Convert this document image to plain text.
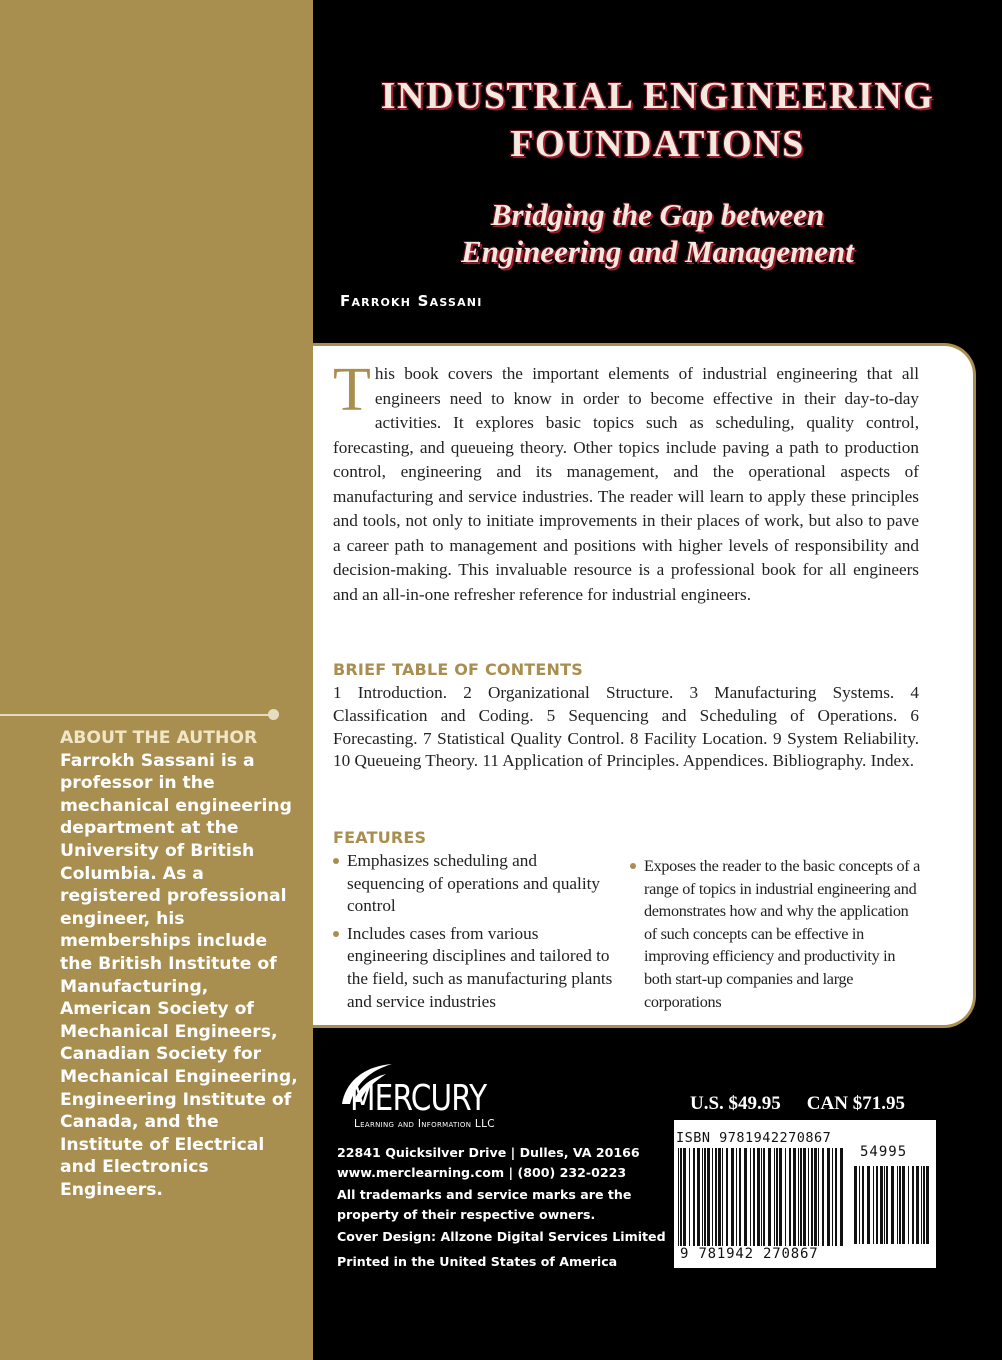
ABOUT THE AUTHOR

Farrokh Sassani is a professor in the mechanical engineering department at the University of British Columbia. As a registered professional engineer, his memberships include the British Institute of Manufacturing, American Society of Mechanical Engineers, Canadian Society for Mechanical Engineering, Engineering Institute of Canada, and the Institute of Electrical and Electronics Engineers.

INDUSTRIAL ENGINEERING
FOUNDATIONS
Bridging the Gap between
Engineering and Management
Farrokh Sassani

This book covers the important elements of industrial engineering that all engineers need to know in order to become effective in their day-to-day activities. It explores basic topics such as scheduling, quality control, forecasting, and queueing theory. Other topics include paving a path to production control, engineering and its management, and the operational aspects of manufacturing and service industries. The reader will learn to apply these principles and tools, not only to initiate improvements in their places of work, but also to pave a career path to management and positions with higher levels of responsibility and decision-making. This invaluable resource is a professional book for all engineers and an all-in-one refresher reference for industrial engineers.

BRIEF TABLE OF CONTENTS

1 Introduction. 2 Organizational Structure. 3 Manufacturing Systems. 4 Classification and Coding. 5 Sequencing and Scheduling of Operations. 6 Forecasting. 7 Statistical Quality Control. 8 Facility Location. 9 System Reliability. 10 Queueing Theory. 11 Application of Principles. Appendices. Bibliography. Index.

FEATURES

Emphasizes scheduling and sequencing of operations and quality control
Includes cases from various engineering disciplines and tailored to the field, such as manufacturing plants and service industries
Exposes the reader to the basic concepts of a range of topics in industrial engineering and demonstrates how and why the application of such concepts can be effective in improving efficiency and productivity in both start-up companies and large corporations
MERCURY
Learning and Information LLC

22841 Quicksilver Drive | Dulles, VA 20166
www.merclearning.com | (800) 232-0223

All trademarks and service marks are the
property of their respective owners.

Cover Design: Allzone Digital Services Limited

Printed in the United States of America

U.S. $49.95 CAN $71.95
ISBN 9781942270867
54995
9 781942 270867
